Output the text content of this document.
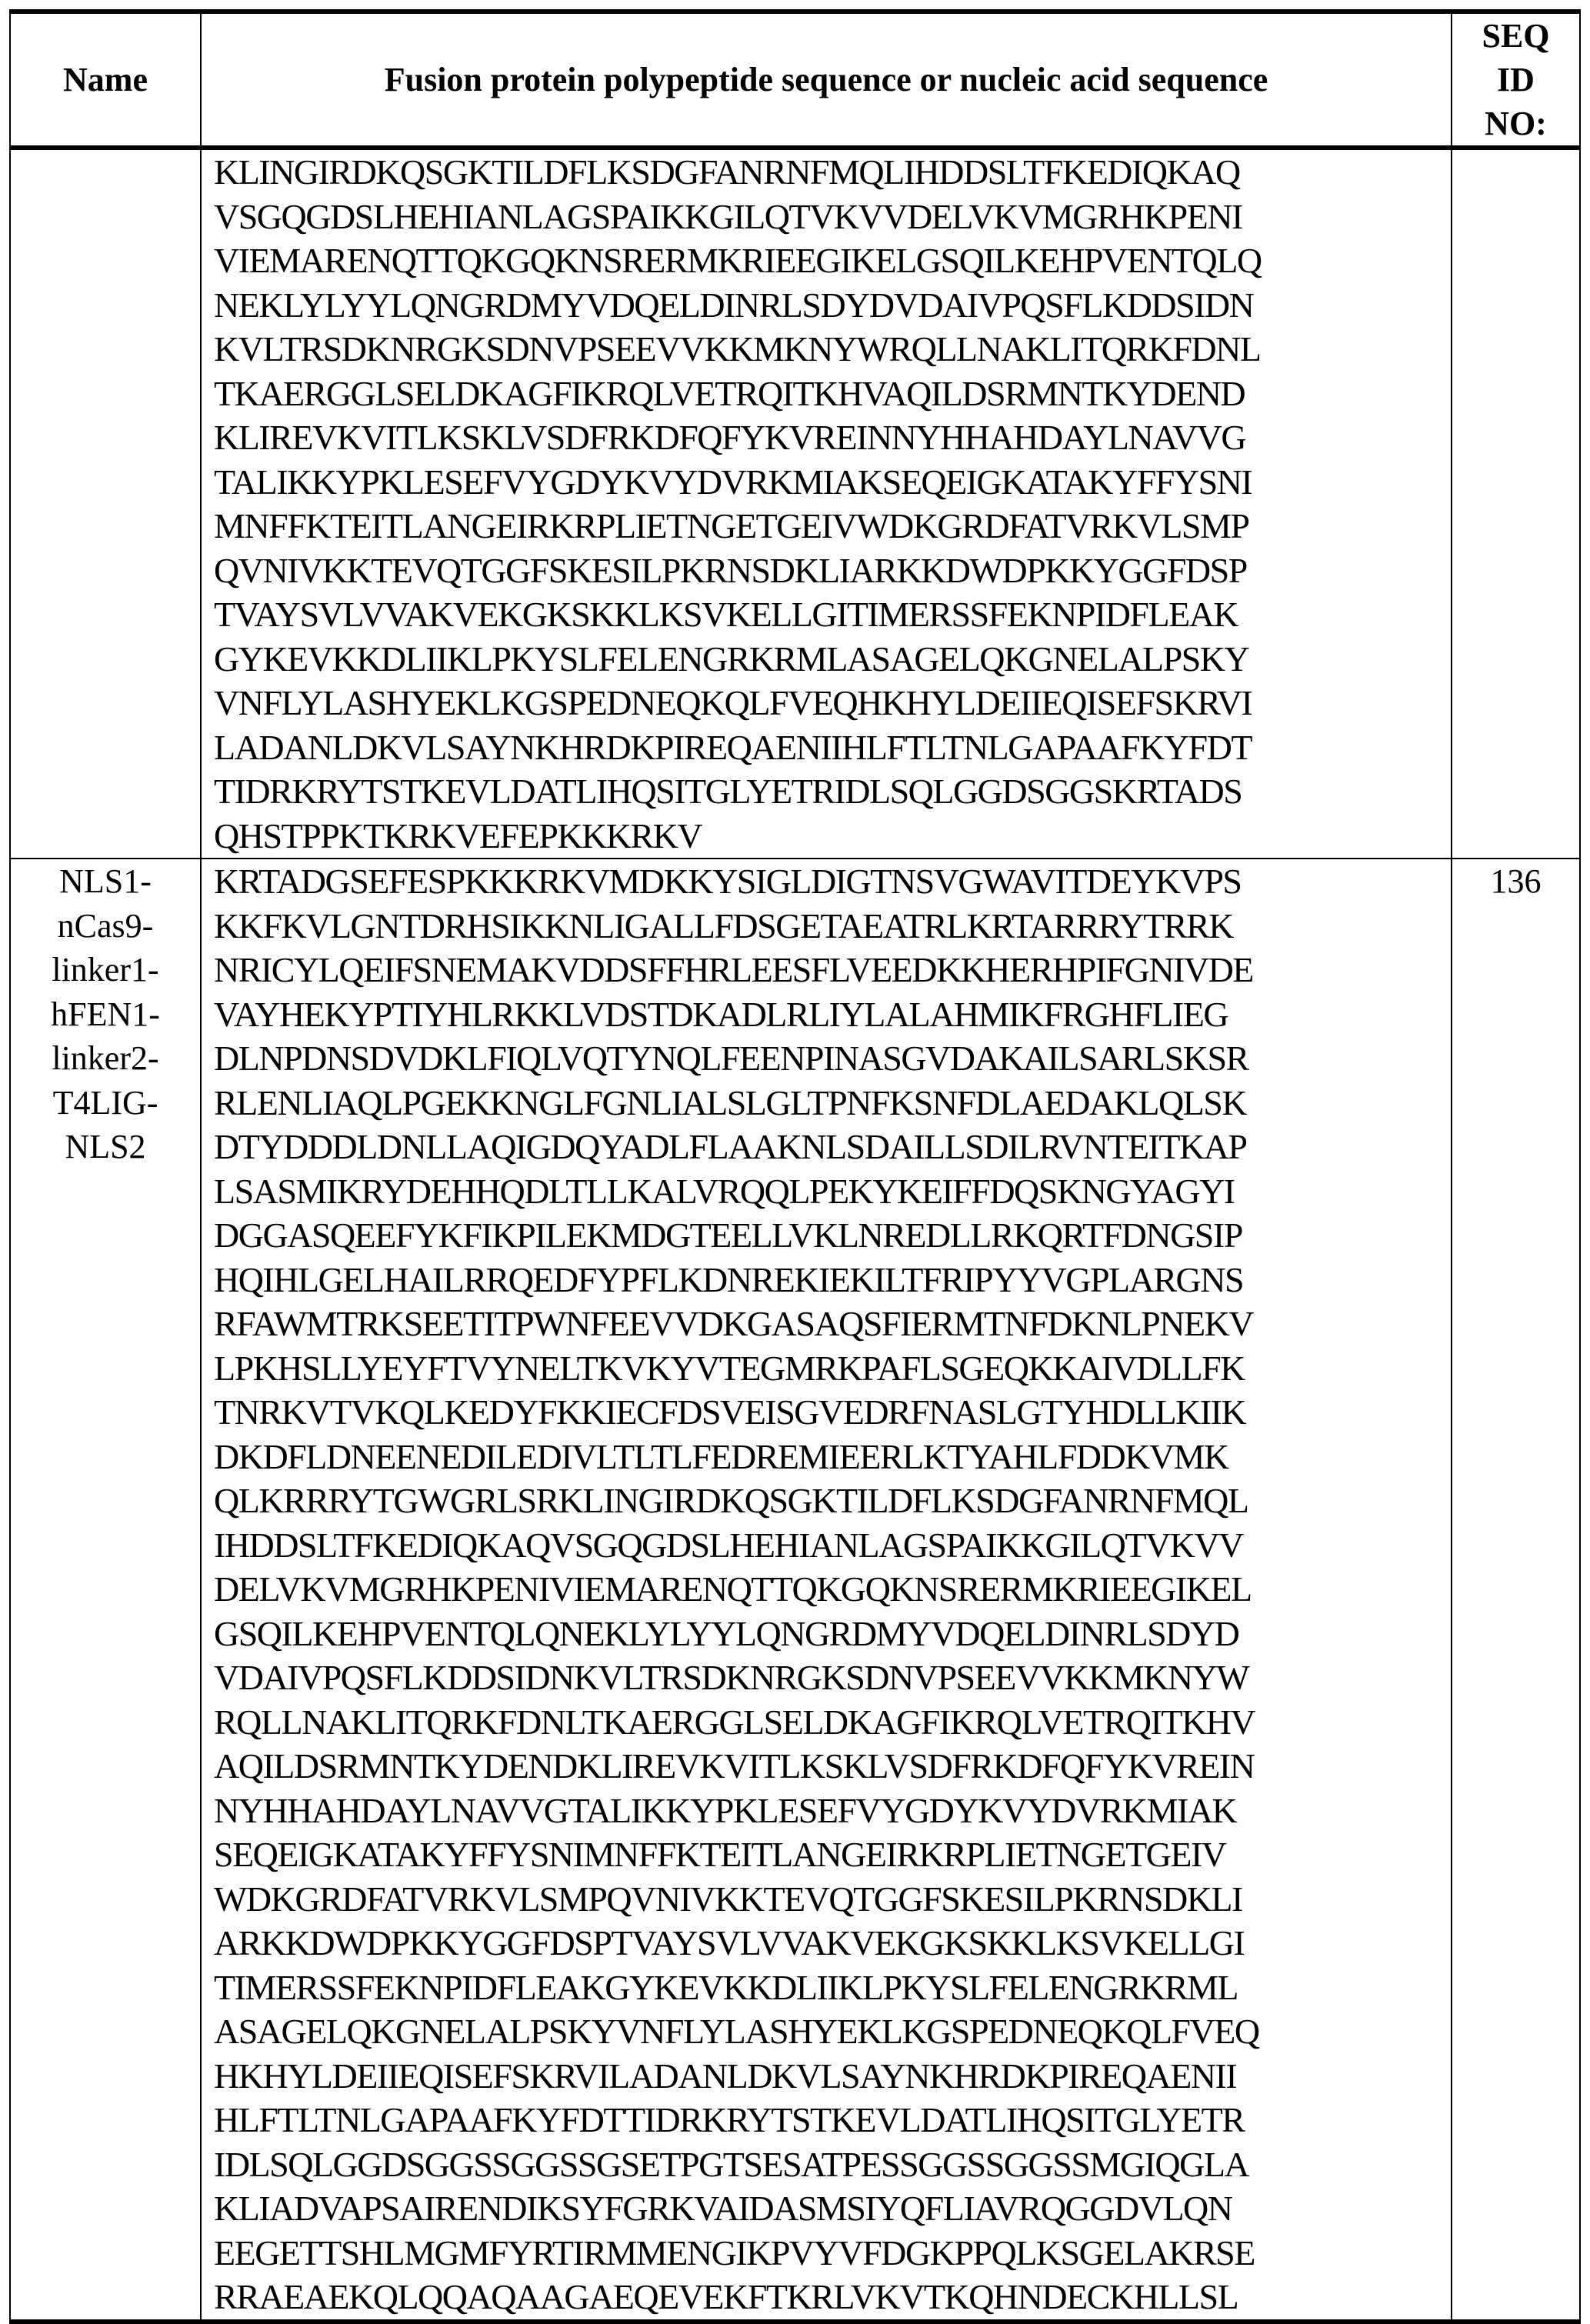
Name	Fusion protein polypeptide sequence or nucleic acid sequence	
SEQ
ID
NO:

KLINGIRDKQSGKTILDFLKSDGFANRNFMQLIHDDSLTFKEDIQKAQ
VSGQGDSLHEHIANLAGSPAIKKGILQTVKVVDELVKVMGRHKPENI
VIEMARENQTTQKGQKNSRERMKRIEEGIKELGSQILKEHPVENTQLQ
NEKLYLYYLQNGRDMYVDQELDINRLSDYDVDAIVPQSFLKDDSIDN
KVLTRSDKNRGKSDNVPSEEVVKKMKNYWRQLLNAKLITQRKFDNL
TKAERGGLSELDKAGFIKRQLVETRQITKHVAQILDSRMNTKYDEND
KLIREVKVITLKSKLVSDFRKDFQFYKVREINNYHHAHDAYLNAVVG
TALIKKYPKLESEFVYGDYKVYDVRKMIAKSEQEIGKATAKYFFYSNI
MNFFKTEITLANGEIRKRPLIETNGETGEIVWDKGRDFATVRKVLSMP
QVNIVKKTEVQTGGFSKESILPKRNSDKLIARKKDWDPKKYGGFDSP
TVAYSVLVVAKVEKGKSKKLKSVKELLGITIMERSSFEKNPIDFLEAK
GYKEVKKDLIIKLPKYSLFELENGRKRMLASAGELQKGNELALPSKY
VNFLYLASHYEKLKGSPEDNEQKQLFVEQHKHYLDEIIEQISEFSKRVI
LADANLDKVLSAYNKHRDKPIREQAENIIHLFTLTNLGAPAAFKYFDT
TIDRKRYTSTKEVLDATLIHQSITGLYETRIDLSQLGGDSGGSKRTADS
QHSTPPKTKRKVEFEPKKKRKV

NLS1-
nCas9-
linker1-
hFEN1-
linker2-
T4LIG-
NLS2

KRTADGSEFESPKKKRKVMDKKYSIGLDIGTNSVGWAVITDEYKVPS
KKFKVLGNTDRHSIKKNLIGALLFDSGETAEATRLKRTARRRYTRRK
NRICYLQEIFSNEMAKVDDSFFHRLEESFLVEEDKKHERHPIFGNIVDE
VAYHEKYPTIYHLRKKLVDSTDKADLRLIYLALAHMIKFRGHFLIEG
DLNPDNSDVDKLFIQLVQTYNQLFEENPINASGVDAKAILSARLSKSR
RLENLIAQLPGEKKNGLFGNLIALSLGLTPNFKSNFDLAEDAKLQLSK
DTYDDDLDNLLAQIGDQYADLFLAAKNLSDAILLSDILRVNTEITKAP
LSASMIKRYDEHHQDLTLLKALVRQQLPEKYKEIFFDQSKNGYAGYI
DGGASQEEFYKFIKPILEKMDGTEELLVKLNREDLLRKQRTFDNGSIP
HQIHLGELHAILRRQEDFYPFLKDNREKIEKILTFRIPYYVGPLARGNS
RFAWMTRKSEETITPWNFEEVVDKGASAQSFIERMTNFDKNLPNEKV
LPKHSLLYEYFTVYNELTKVKYVTEGMRKPAFLSGEQKKAIVDLLFK
TNRKVTVKQLKEDYFKKIECFDSVEISGVEDRFNASLGTYHDLLKIIK
DKDFLDNEENEDILEDIVLTLTLFEDREMIEERLKTYAHLFDDKVMK
QLKRRRYTGWGRLSRKLINGIRDKQSGKTILDFLKSDGFANRNFMQL
IHDDSLTFKEDIQKAQVSGQGDSLHEHIANLAGSPAIKKGILQTVKVV
DELVKVMGRHKPENIVIEMARENQTTQKGQKNSRERMKRIEEGIKEL
GSQILKEHPVENTQLQNEKLYLYYLQNGRDMYVDQELDINRLSDYD
VDAIVPQSFLKDDSIDNKVLTRSDKNRGKSDNVPSEEVVKKMKNYW
RQLLNAKLITQRKFDNLTKAERGGLSELDKAGFIKRQLVETRQITKHV
AQILDSRMNTKYDENDKLIREVKVITLKSKLVSDFRKDFQFYKVREIN
NYHHAHDAYLNAVVGTALIKKYPKLESEFVYGDYKVYDVRKMIAK
SEQEIGKATAKYFFYSNIMNFFKTEITLANGEIRKRPLIETNGETGEIV
WDKGRDFATVRKVLSMPQVNIVKKTEVQTGGFSKESILPKRNSDKLI
ARKKDWDPKKYGGFDSPTVAYSVLVVAKVEKGKSKKLKSVKELLGI
TIMERSSFEKNPIDFLEAKGYKEVKKDLIIKLPKYSLFELENGRKRML
ASAGELQKGNELALPSKYVNFLYLASHYEKLKGSPEDNEQKQLFVEQ
HKHYLDEIIEQISEFSKRVILADANLDKVLSAYNKHRDKPIREQAENII
HLFTLTNLGAPAAFKYFDTTIDRKRYTSTKEVLDATLIHQSITGLYETR
IDLSQLGGDSGGSSGGSSGSETPGTSESATPESSGGSSGGSSMGIQGLA
KLIADVAPSAIRENDIKSYFGRKVAIDASMSIYQFLIAVRQGGDVLQN
EEGETTSHLMGMFYRTIRMMENGIKPVYVFDGKPPQLKSGELAKRSE
RRAEAEKQLQQAQAAGAEQEVEKFTKRLVKVTKQHNDECKHLLSL
	136
